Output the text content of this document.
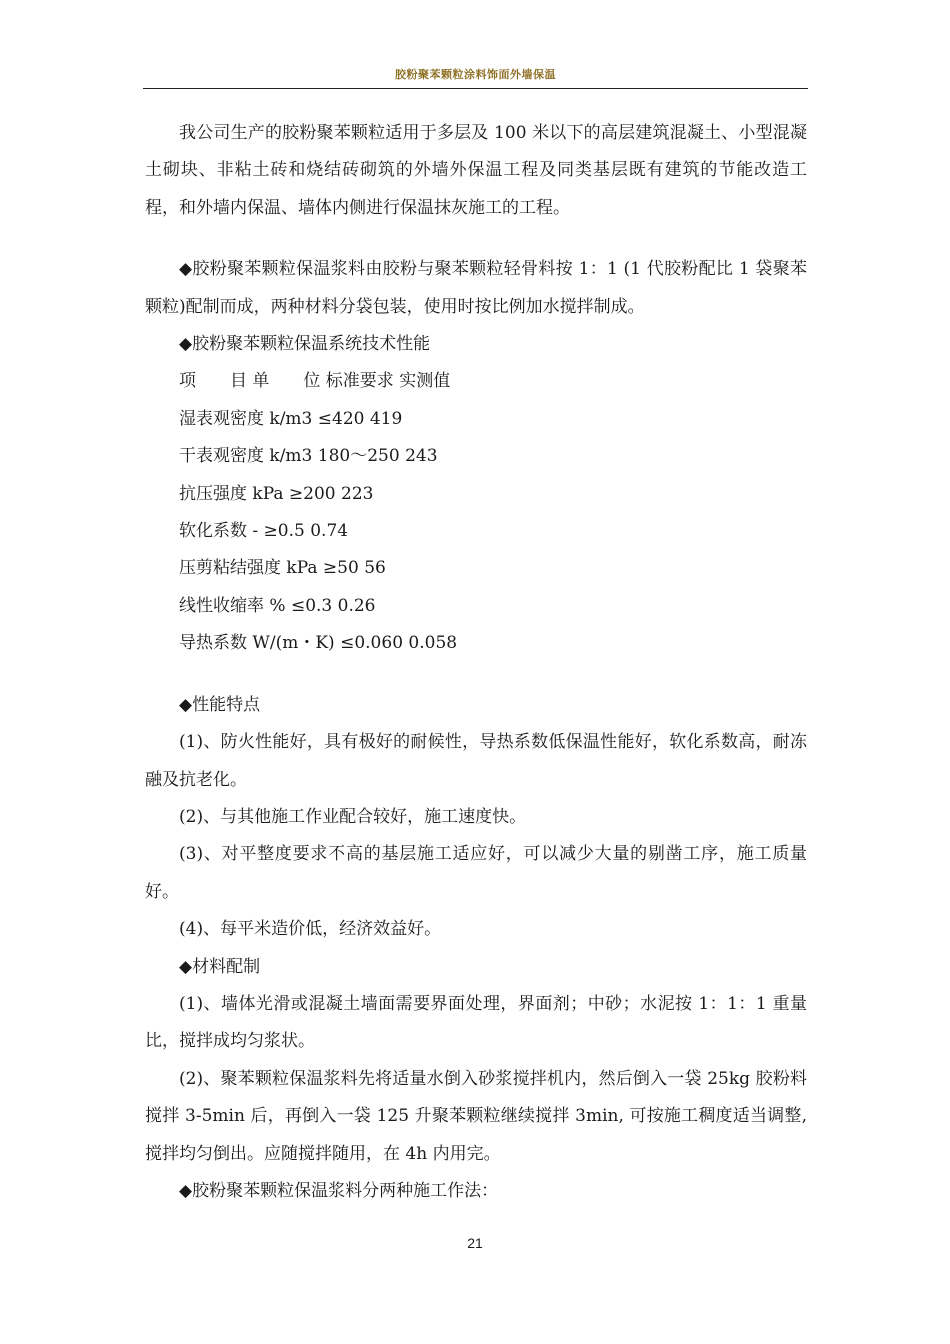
胶粉聚苯颗粒涂料饰面外墙保温

我公司生产的胶粉聚苯颗粒适用于多层及 100 米以下的高层建筑混凝土、小型混凝土砌块、非粘土砖和烧结砖砌筑的外墙外保温工程及同类基层既有建筑的节能改造工程，和外墙内保温、墙体内侧进行保温抹灰施工的工程。

◆胶粉聚苯颗粒保温浆料由胶粉与聚苯颗粒轻骨料按 1：1 (1 代胶粉配比 1 袋聚苯颗粒)配制而成，两种材料分袋包装，使用时按比例加水搅拌制成。

◆胶粉聚苯颗粒保温系统技术性能

项　　目 单　　位 标准要求 实测值

湿表观密度 k/m3 ≤420 419

干表观密度 k/m3 180～250 243

抗压强度 kPa ≥200 223

软化系数 - ≥0.5 0.74

压剪粘结强度 kPa ≥50 56

线性收缩率 % ≤0.3 0.26

导热系数 W/(m・K) ≤0.060 0.058

◆性能特点

(1)、防火性能好，具有极好的耐候性，导热系数低保温性能好，软化系数高，耐冻融及抗老化。

(2)、与其他施工作业配合较好，施工速度快。

(3)、对平整度要求不高的基层施工适应好，可以减少大量的剔凿工序，施工质量好。

(4)、每平米造价低，经济效益好。

◆材料配制

(1)、墙体光滑或混凝土墙面需要界面处理，界面剂；中砂；水泥按 1：1：1 重量比，搅拌成均匀浆状。

(2)、聚苯颗粒保温浆料先将适量水倒入砂浆搅拌机内，然后倒入一袋 25kg 胶粉料搅拌 3-5min 后，再倒入一袋 125 升聚苯颗粒继续搅拌 3min, 可按施工稠度适当调整,搅拌均匀倒出。应随搅拌随用，在 4h 内用完。

◆胶粉聚苯颗粒保温浆料分两种施工作法：

21
